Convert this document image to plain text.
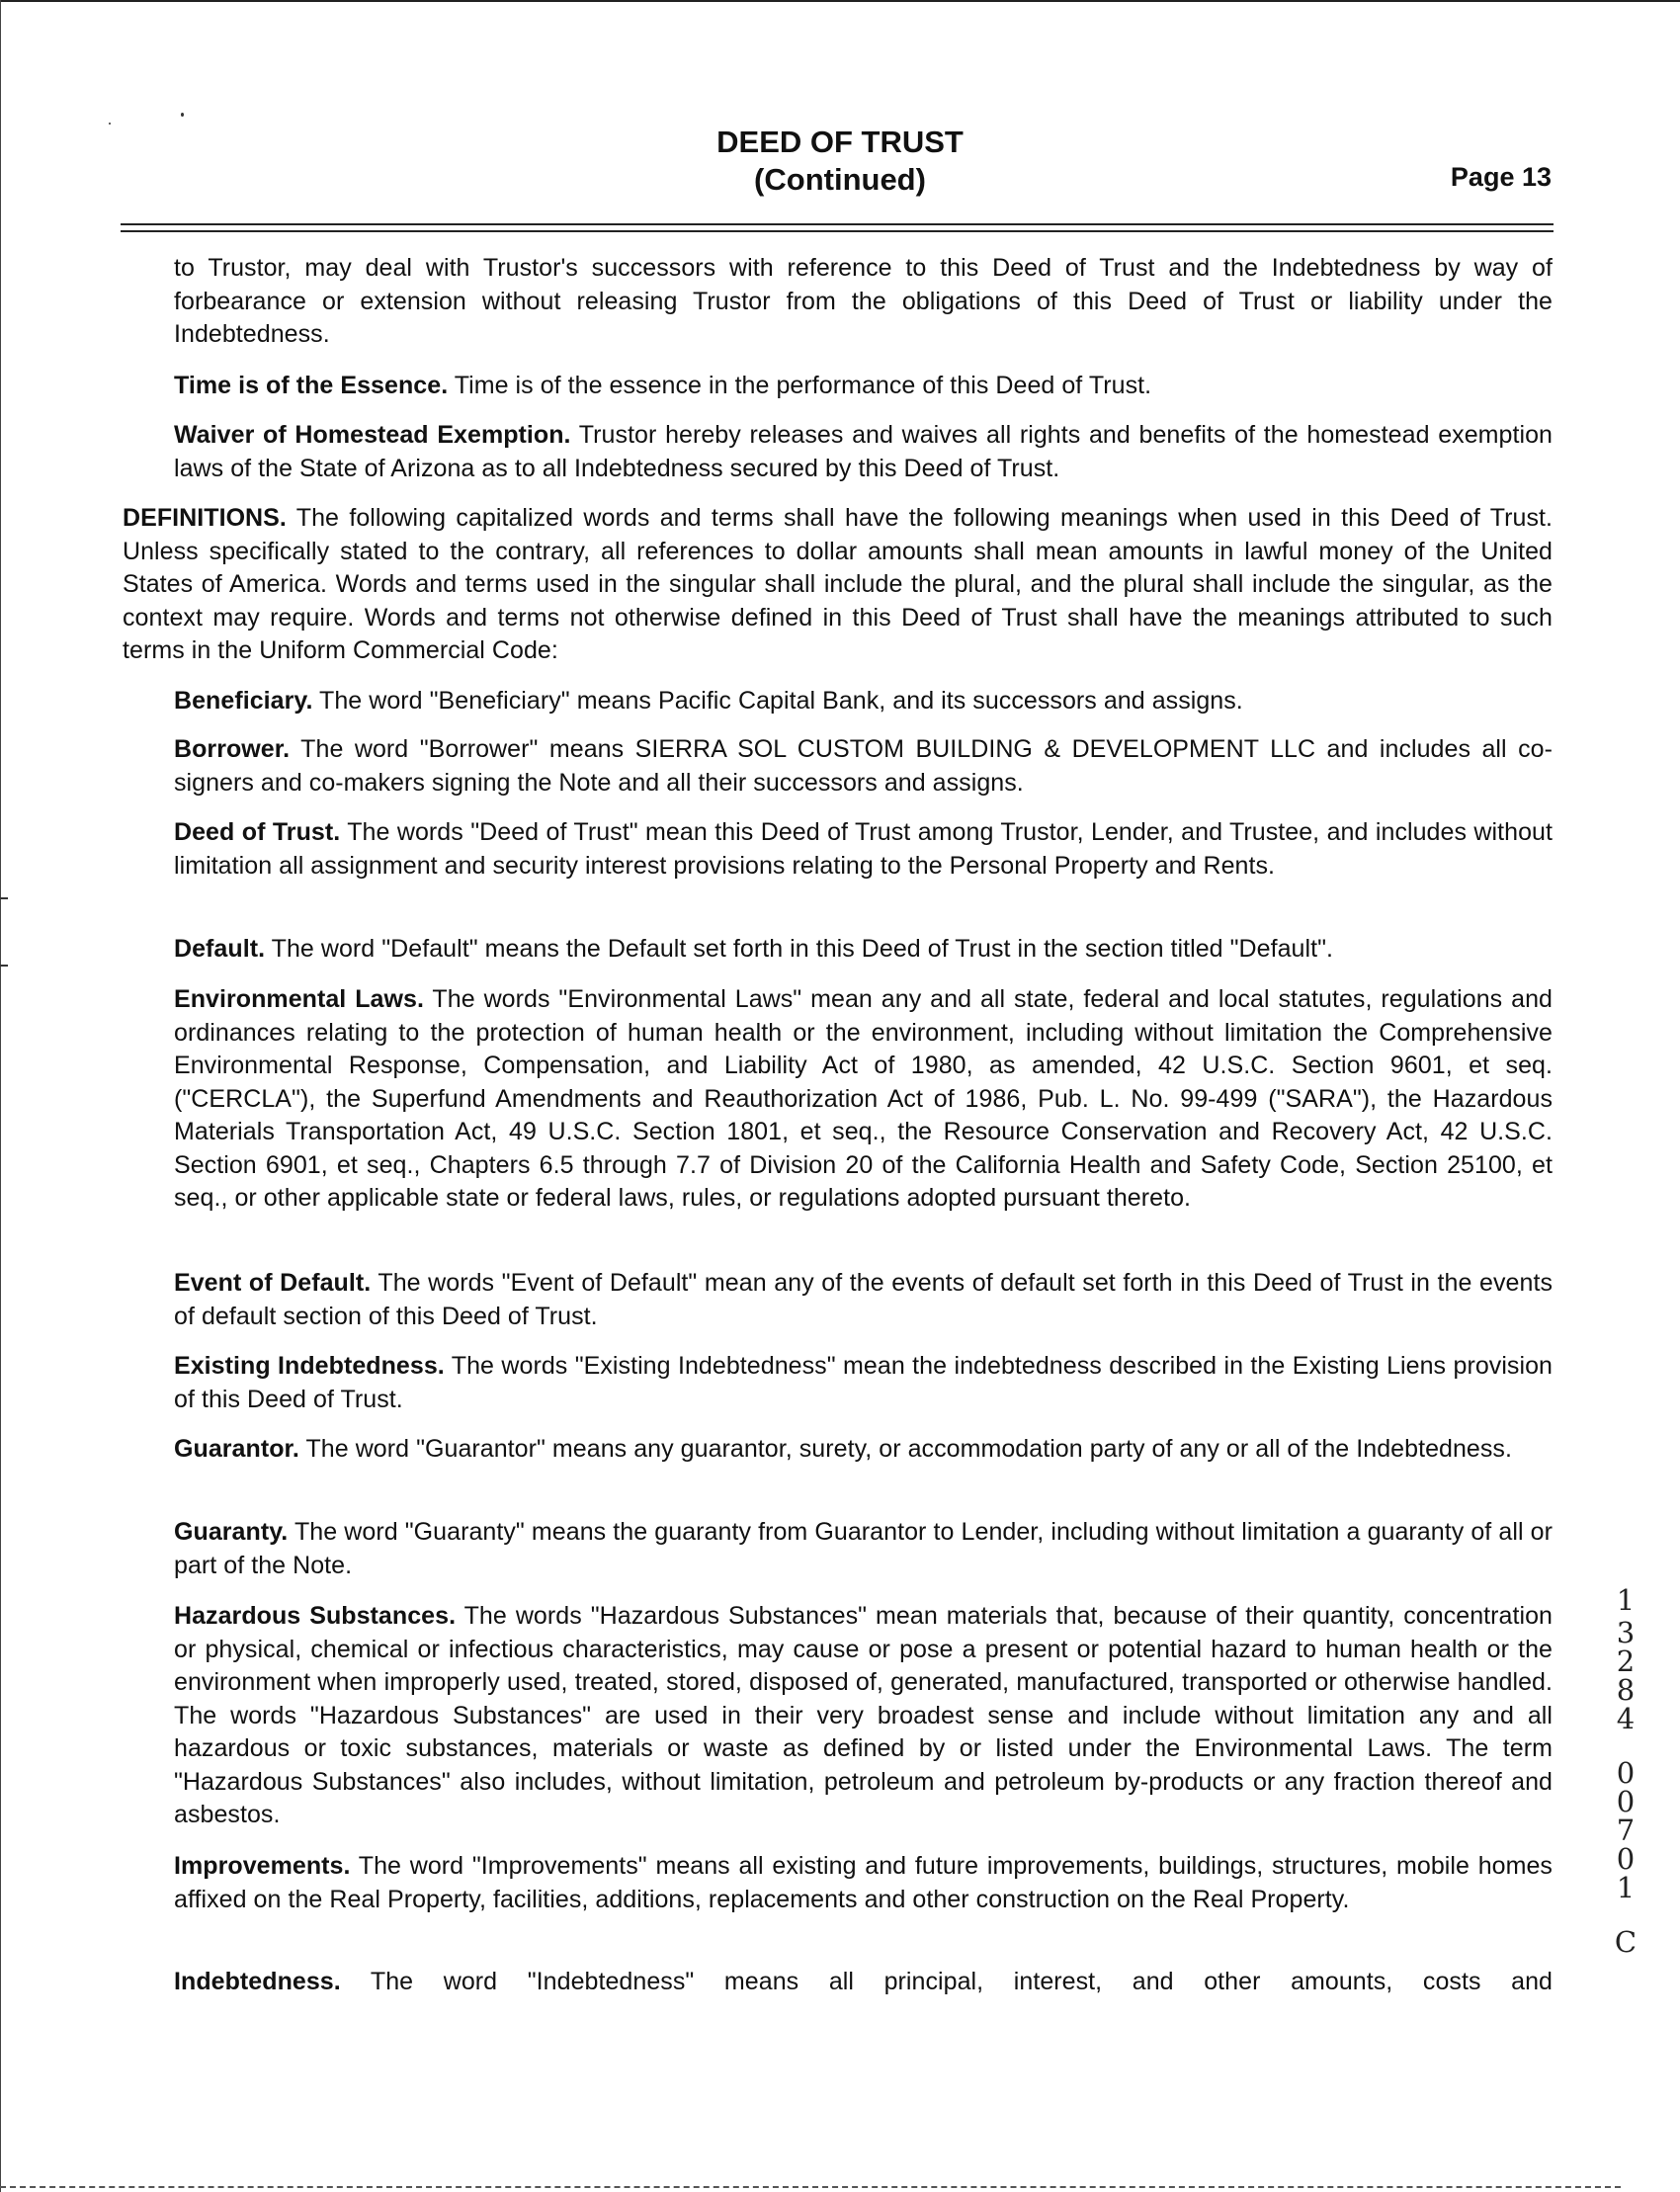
DEED OF TRUST
(Continued)	Page 13
to Trustor, may deal with Trustor's successors with reference to this Deed of Trust and the Indebtedness by way of forbearance or extension without releasing Trustor from the obligations of this Deed of Trust or liability under the Indebtedness.
Time is of the Essence. Time is of the essence in the performance of this Deed of Trust.
Waiver of Homestead Exemption. Trustor hereby releases and waives all rights and benefits of the homestead exemption laws of the State of Arizona as to all Indebtedness secured by this Deed of Trust.
DEFINITIONS. The following capitalized words and terms shall have the following meanings when used in this Deed of Trust. Unless specifically stated to the contrary, all references to dollar amounts shall mean amounts in lawful money of the United States of America. Words and terms used in the singular shall include the plural, and the plural shall include the singular, as the context may require. Words and terms not otherwise defined in this Deed of Trust shall have the meanings attributed to such terms in the Uniform Commercial Code:
Beneficiary. The word "Beneficiary" means Pacific Capital Bank, and its successors and assigns.
Borrower. The word "Borrower" means SIERRA SOL CUSTOM BUILDING & DEVELOPMENT LLC and includes all co-signers and co-makers signing the Note and all their successors and assigns.
Deed of Trust. The words "Deed of Trust" mean this Deed of Trust among Trustor, Lender, and Trustee, and includes without limitation all assignment and security interest provisions relating to the Personal Property and Rents.
Default. The word "Default" means the Default set forth in this Deed of Trust in the section titled "Default".
Environmental Laws. The words "Environmental Laws" mean any and all state, federal and local statutes, regulations and ordinances relating to the protection of human health or the environment, including without limitation the Comprehensive Environmental Response, Compensation, and Liability Act of 1980, as amended, 42 U.S.C. Section 9601, et seq. ("CERCLA"), the Superfund Amendments and Reauthorization Act of 1986, Pub. L. No. 99-499 ("SARA"), the Hazardous Materials Transportation Act, 49 U.S.C. Section 1801, et seq., the Resource Conservation and Recovery Act, 42 U.S.C. Section 6901, et seq., Chapters 6.5 through 7.7 of Division 20 of the California Health and Safety Code, Section 25100, et seq., or other applicable state or federal laws, rules, or regulations adopted pursuant thereto.
Event of Default. The words "Event of Default" mean any of the events of default set forth in this Deed of Trust in the events of default section of this Deed of Trust.
Existing Indebtedness. The words "Existing Indebtedness" mean the indebtedness described in the Existing Liens provision of this Deed of Trust.
Guarantor. The word "Guarantor" means any guarantor, surety, or accommodation party of any or all of the Indebtedness.
Guaranty. The word "Guaranty" means the guaranty from Guarantor to Lender, including without limitation a guaranty of all or part of the Note.
Hazardous Substances. The words "Hazardous Substances" mean materials that, because of their quantity, concentration or physical, chemical or infectious characteristics, may cause or pose a present or potential hazard to human health or the environment when improperly used, treated, stored, disposed of, generated, manufactured, transported or otherwise handled. The words "Hazardous Substances" are used in their very broadest sense and include without limitation any and all hazardous or toxic substances, materials or waste as defined by or listed under the Environmental Laws. The term "Hazardous Substances" also includes, without limitation, petroleum and petroleum by-products or any fraction thereof and asbestos.
Improvements. The word "Improvements" means all existing and future improvements, buildings, structures, mobile homes affixed on the Real Property, facilities, additions, replacements and other construction on the Real Property.
Indebtedness. The word "Indebtedness" means all principal, interest, and other amounts, costs and
1
3
2
8
4
0
0
7
0
1
C
